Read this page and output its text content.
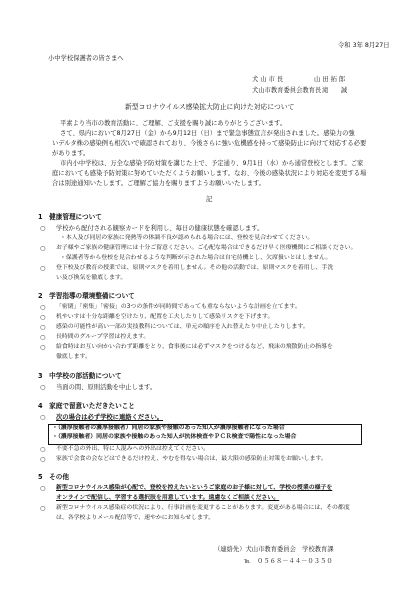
令和 3年 8月27日
小中学校保護者の皆さまへ
犬 山 市 長	山 田 拓 郎
犬山市教育委員会教育長 滝　　誠
新型コロナウイルス感染拡大防止に向けた対応について
平素より当市の教育活動に、ご理解、ご支援を賜り誠にありがとうございます。
さて、県内において8月27日（金）から9月12日（日）まで緊急事態宣言が発出されました。感染力の強
いデルタ株の感染例も相次いで確認されており、今後さらに強い危機感を持って感染防止に向けて対応する必要
があります。
市内小中学校は、万全な感染予防対策を講じた上で、予定通り、9月1日（水）から通常登校とします。ご家
庭においても感染予防対策に努めていただくようお願いします。なお、今後の感染状況により対応を変更する場
合は別途通知いたします。ご理解ご協力を賜りますようお願いいたします。
記
1　健康管理について
○ 学校から配付される観察カードを利用し、毎日の健康状態を確認します。
・本人及び同居の家族に発熱等の体調不良が認められる場合には、登校を見合わせてください。
○ お子様やご家族の健康管理には十分ご留意ください。ご心配な場合はできるだけ早く医療機関にご相談ください。
・保護者等から登校を見合わせるような判断が示された場合は自宅待機とし、欠席扱いとはしません。
○ 登下校及び教育の授業では、原則マスクを着用しません。その他の活動では、原則マスクを着用し、手洗
い及び換気を徹底します。
2　学習指導の環境整備について
○ 「密閉」「密集」「密接」の3つの条件が同時間であっても重ならないような計画を立てます。
○ 机やいすは十分な距離を空けたり、配置を工夫したりして感染リスクを下げます。
○ 感染の可能性が高い一部の実技教科については、単元の順序を入れ替えたり中止したりします。
○ 長時間のグループ学習は控えます。
○ 給食時はお互い向かい合わず距離をとり、食事後には必ずマスクをつけるなど、飛沫の飛散防止の指導を
徹底します。
3　中学校の部活動について
○ 当面の間、原則活動を中止します。
4　家庭で留意いただきたいこと
○ 次の場合は必ず学校に連絡ください。
・（濃厚接触者の濃厚接触者）同居の家族や接触のあった知人が濃厚接触者になった場合
・（濃厚接触者）同居の家族や接触のあった知人が抗体検査やＰＣＲ検査で陽性になった場合
○ 不要不急の外出、特に人混みへの外出は控えてください。
○ 家族で会食の会などはできるだけ控え、やむを得ない場合は、最大限の感染防止対策をお願いします。
5　その他
○ 新型コロナウイルス感染が心配で、登校を控えたいというご家庭のお子様に対して、学校の授業の様子を
オンラインで配信し、学習する選択肢を用意しています。遠慮なくご相談ください。
○ 新型コロナウイルス感染症の状況により、行事計画を変更することがあります。変更がある場合には、その都度
は、各学校よりメール配信等で、速やかにお知らせします。
（連絡先）犬山市教育委員会　学校教育課
℡　０５６８－４４－０３５０
